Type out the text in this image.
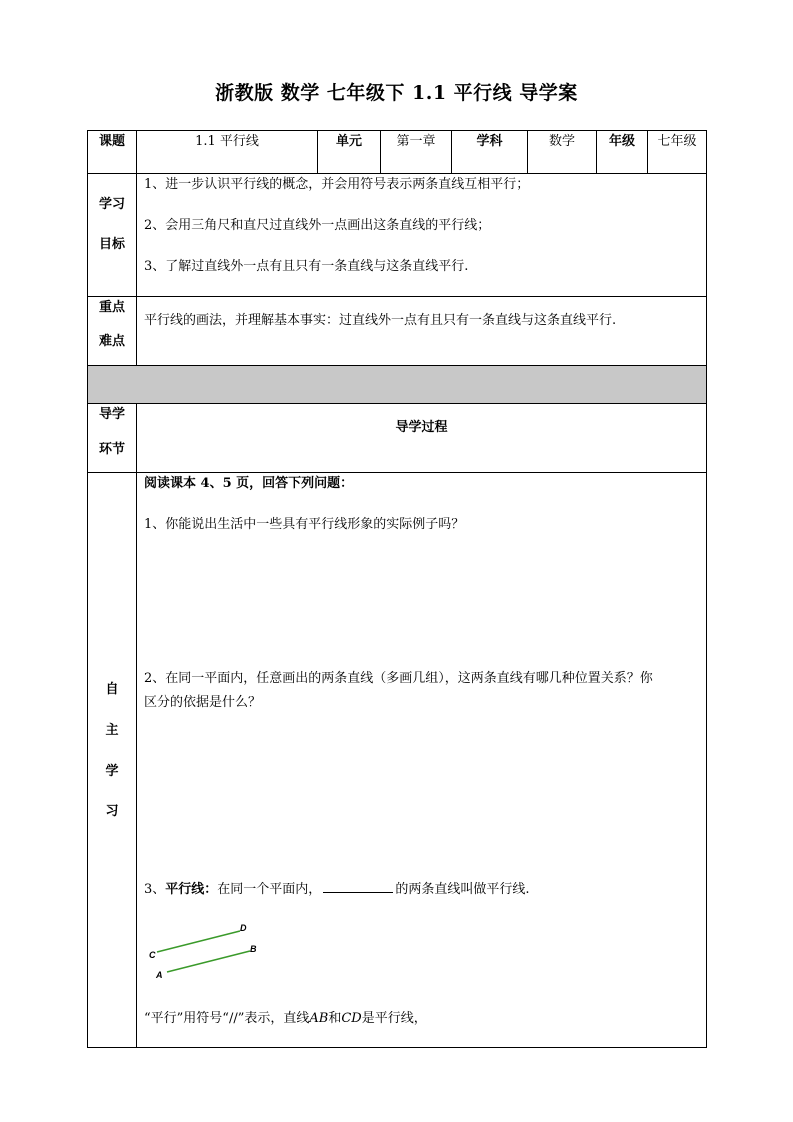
浙教版 数学 七年级下 1.1 平行线 导学案
课题	1.1 平行线	单元	第一章	学科	数学	年级	七年级
学习
目标
1、进一步认识平行线的概念，并会用符号表示两条直线互相平行；
2、会用三角尺和直尺过直线外一点画出这条直线的平行线；
3、了解过直线外一点有且只有一条直线与这条直线平行.
重点
难点
平行线的画法，并理解基本事实：过直线外一点有且只有一条直线与这条直线平行.
导学
环节
导学过程
自
主
学
习
阅读课本 4、5 页，回答下列问题：
1、你能说出生活中一些具有平行线形象的实际例子吗？
2、在同一平面内，任意画出的两条直线（多画几组），这两条直线有哪几种位置关系？你
区分的依据是什么？
3、平行线：在同一个平面内，	的两条直线叫做平行线.
D
C
B
A
“平行”用符号“//”表示，直线AB和CD是平行线，
